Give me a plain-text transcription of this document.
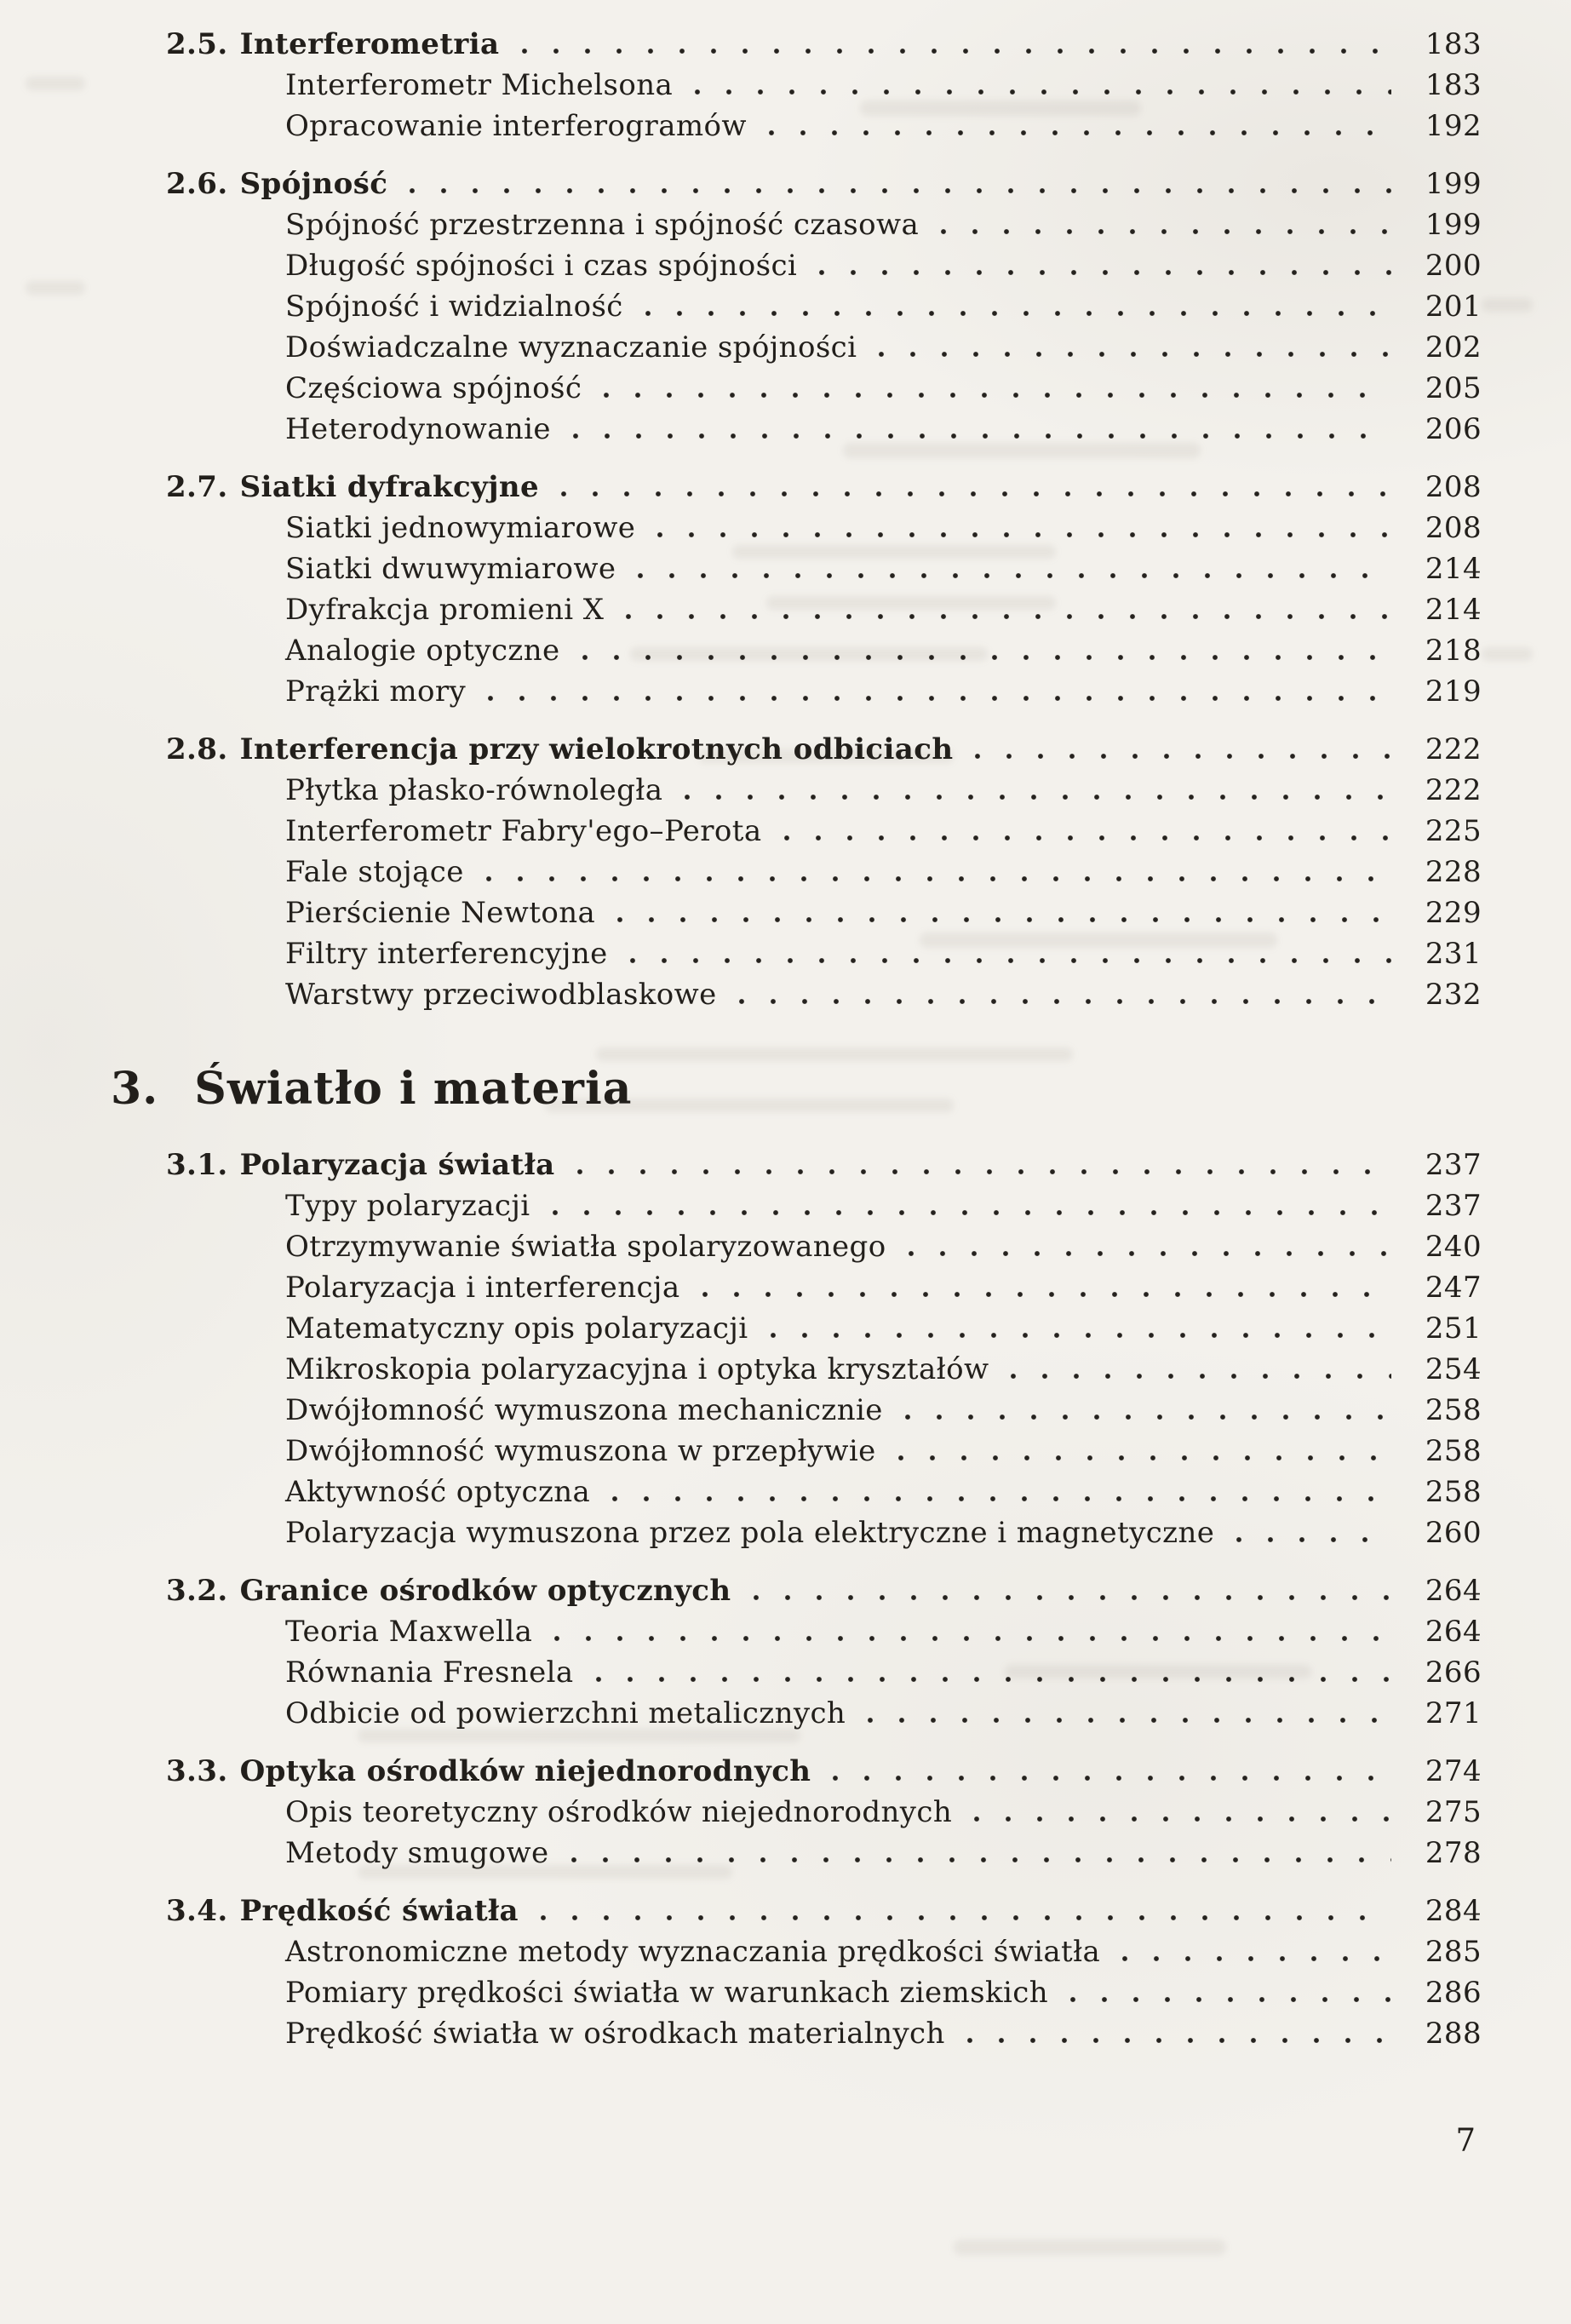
2.5. Interferometria	183
Interferometr Michelsona	183
Opracowanie interferogramów	192
2.6. Spójność	199
Spójność przestrzenna i spójność czasowa	199
Długość spójności i czas spójności	200
Spójność i widzialność	201
Doświadczalne wyznaczanie spójności	202
Częściowa spójność	205
Heterodynowanie	206
2.7. Siatki dyfrakcyjne	208
Siatki jednowymiarowe	208
Siatki dwuwymiarowe	214
Dyfrakcja promieni X	214
Analogie optyczne	218
Prążki mory	219
2.8. Interferencja przy wielokrotnych odbiciach	222
Płytka płasko-równoległa	222
Interferometr Fabry'ego–Perota	225
Fale stojące	228
Pierścienie Newtona	229
Filtry interferencyjne	231
Warstwy przeciwodblaskowe	232
3. Światło i materia
3.1. Polaryzacja światła	237
Typy polaryzacji	237
Otrzymywanie światła spolaryzowanego	240
Polaryzacja i interferencja	247
Matematyczny opis polaryzacji	251
Mikroskopia polaryzacyjna i optyka kryształów	254
Dwójłomność wymuszona mechanicznie	258
Dwójłomność wymuszona w przepływie	258
Aktywność optyczna	258
Polaryzacja wymuszona przez pola elektryczne i magnetyczne	260
3.2. Granice ośrodków optycznych	264
Teoria Maxwella	264
Równania Fresnela	266
Odbicie od powierzchni metalicznych	271
3.3. Optyka ośrodków niejednorodnych	274
Opis teoretyczny ośrodków niejednorodnych	275
Metody smugowe	278
3.4. Prędkość światła	284
Astronomiczne metody wyznaczania prędkości światła	285
Pomiary prędkości światła w warunkach ziemskich	286
Prędkość światła w ośrodkach materialnych	288
7
